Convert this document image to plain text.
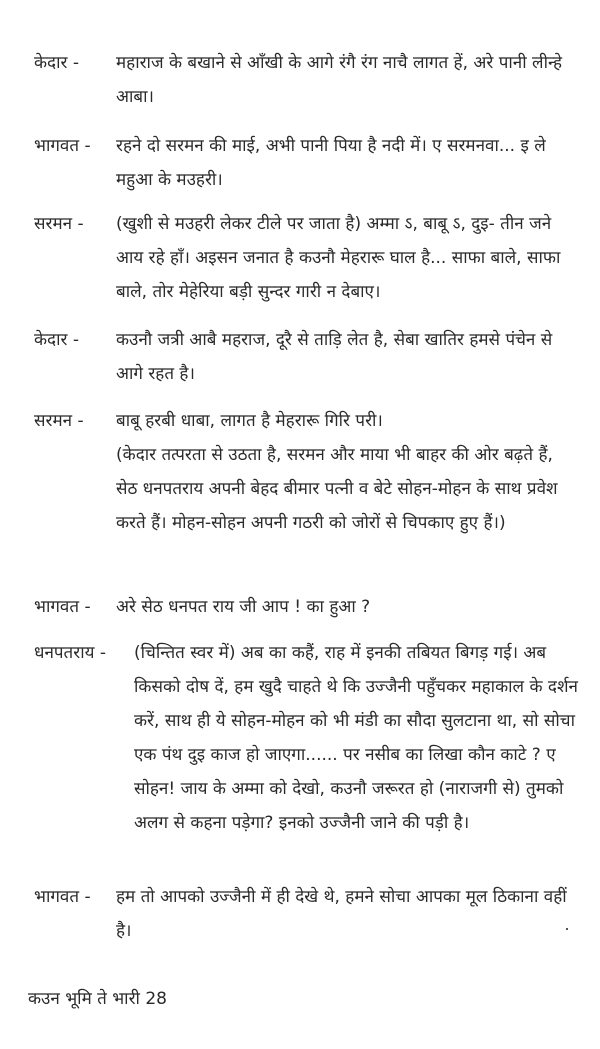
केदार -	महाराज के बखाने से आँखी के आगे रंगै रंग नाचै लागत हें, अरे पानी लीन्हे आबा।
भागवत -	रहने दो सरमन की माई, अभी पानी पिया है नदी में। ए सरमनवा... इ ले महुआ के मउहरी।
सरमन -	(खुशी से मउहरी लेकर टीले पर जाता है) अम्मा ऽ, बाबू ऽ, दुइ- तीन जने आय रहे हाँ। अइसन जनात है कउनौ मेहरारू घाल है... साफा बाले, साफा बाले, तोर मेहेरिया बड़ी सुन्दर गारी न देबाए।
केदार -	कउनौ जत्री आबै महराज, दूरै से ताड़ि लेत है, सेबा खातिर हमसे पंचेन से आगे रहत है।
सरमन -	बाबू हरबी धाबा, लागत है मेहरारू गिरि परी।
(केदार तत्परता से उठता है, सरमन और माया भी बाहर की ओर बढ़ते हैं, सेठ धनपतराय अपनी बेहद बीमार पत्नी व बेटे सोहन-मोहन के साथ प्रवेश करते हैं। मोहन-सोहन अपनी गठरी को जोरों से चिपकाए हुए हैं।)
भागवत -	अरे सेठ धनपत राय जी आप ! का हुआ ?
धनपतराय -	(चिन्तित स्वर में) अब का कहैं, राह में इनकी तबियत बिगड़ गई। अब किसको दोष दें, हम खुदै चाहते थे कि उज्जैनी पहुँचकर महाकाल के दर्शन करें, साथ ही ये सोहन-मोहन को भी मंडी का सौदा सुलटाना था, सो सोचा एक पंथ दुइ काज हो जाएगा...... पर नसीब का लिखा कौन काटे ? ए सोहन! जाय के अम्मा को देखो, कउनौ जरूरत हो (नाराजगी से) तुमको अलग से कहना पड़ेगा? इनको उज्जैनी जाने की पड़ी है।
भागवत -	हम तो आपको उज्जैनी में ही देखे थे, हमने सोचा आपका मूल ठिकाना वहीं है।
कउन भूमि ते भारी 28
